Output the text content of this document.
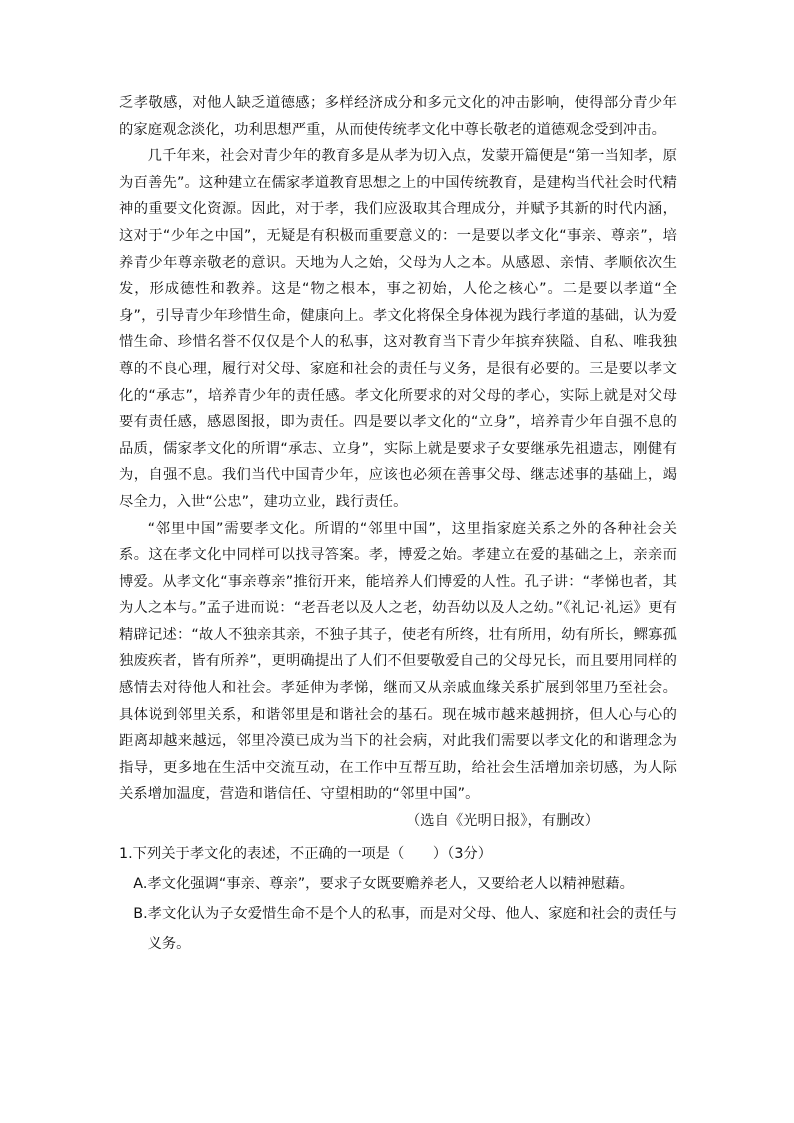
乏孝敬感，对他人缺乏道德感；多样经济成分和多元文化的冲击影响，使得部分青少年的家庭观念淡化，功利思想严重，从而使传统孝文化中尊长敬老的道德观念受到冲击。

几千年来，社会对青少年的教育多是从孝为切入点，发蒙开篇便是“第一当知孝，原为百善先”。这种建立在儒家孝道教育思想之上的中国传统教育，是建构当代社会时代精神的重要文化资源。因此，对于孝，我们应汲取其合理成分，并赋予其新的时代内涵，这对于“少年之中国”，无疑是有积极而重要意义的：一是要以孝文化“事亲、尊亲”，培养青少年尊亲敬老的意识。天地为人之始，父母为人之本。从感恩、亲情、孝顺依次生发，形成德性和教养。这是“物之根本，事之初始，人伦之核心”。二是要以孝道“全身”，引导青少年珍惜生命，健康向上。孝文化将保全身体视为践行孝道的基础，认为爱惜生命、珍惜名誉不仅仅是个人的私事，这对教育当下青少年摈弃狭隘、自私、唯我独尊的不良心理，履行对父母、家庭和社会的责任与义务，是很有必要的。三是要以孝文化的“承志”，培养青少年的责任感。孝文化所要求的对父母的孝心，实际上就是对父母要有责任感，感恩图报，即为责任。四是要以孝文化的“立身”，培养青少年自强不息的品质，儒家孝文化的所谓“承志、立身”，实际上就是要求子女要继承先祖遗志，刚健有为，自强不息。我们当代中国青少年，应该也必须在善事父母、继志述事的基础上，竭尽全力，入世“公忠”，建功立业，践行责任。

“邻里中国”需要孝文化。所谓的“邻里中国”，这里指家庭关系之外的各种社会关系。这在孝文化中同样可以找寻答案。孝，博爱之始。孝建立在爱的基础之上，亲亲而博爱。从孝文化“事亲尊亲”推衍开来，能培养人们博爱的人性。孔子讲：“孝悌也者，其为人之本与。”孟子进而说：“老吾老以及人之老，幼吾幼以及人之幼。”《礼记·礼运》更有精辟记述：“故人不独亲其亲，不独子其子，使老有所终，壮有所用，幼有所长，鳏寡孤独废疾者，皆有所养”，更明确提出了人们不但要敬爱自己的父母兄长，而且要用同样的感情去对待他人和社会。孝延伸为孝悌，继而又从亲戚血缘关系扩展到邻里乃至社会。具体说到邻里关系，和谐邻里是和谐社会的基石。现在城市越来越拥挤，但人心与心的距离却越来越远，邻里冷漠已成为当下的社会病，对此我们需要以孝文化的和谐理念为指导，更多地在生活中交流互动，在工作中互帮互助，给社会生活增加亲切感，为人际关系增加温度，营造和谐信任、守望相助的“邻里中国”。

（选自《光明日报》，有删改）

1.下列关于孝文化的表述，不正确的一项是（　　）（3分）

A.孝文化强调“事亲、尊亲”，要求子女既要赡养老人，又要给老人以精神慰藉。

B.孝文化认为子女爱惜生命不是个人的私事，而是对父母、他人、家庭和社会的责任与义务。
